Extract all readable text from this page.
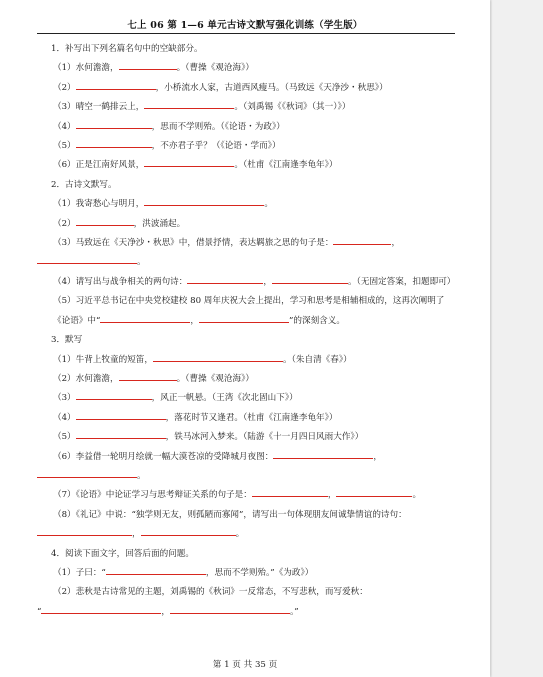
七上 06 第 1—6 单元古诗文默写强化训练（学生版）
1．补写出下列名篇名句中的空缺部分。
（1）水何澹澹，	。（曹操《观沧海》）
（2）	，小桥流水人家，古道西风瘦马。（马致远《天净沙・秋思》）
（3）晴空一鹤排云上，	。（刘禹锡《《秋词》（其一）》）
（4）	，思而不学则殆。（《论语・为政》）
（5）	，不亦君子乎？（《论语・学而》）
（6）正是江南好风景，	。（杜甫《江南逢李龟年》）
2．古诗文默写。
（1）我寄愁心与明月，	。
（2）	，洪波涌起。
（3）马致远在《天净沙・秋思》中，借景抒情，表达羁旅之思的句子是：	，
。
（4）请写出与战争相关的两句诗：	，	。（无固定答案，扣题即可）
（5）习近平总书记在中央党校建校 80 周年庆祝大会上提出，学习和思考是相辅相成的，这再次阐明了《论语》中“	，	”的深刻含义。
3．默写
（1）牛背上牧童的短笛，	。（朱自清《春》）
（2）水何澹澹，	。（曹操《观沧海》）
（3）	，风正一帆悬。（王湾《次北固山下》）
（4）	，落花时节又逢君。（杜甫《江南逢李龟年》）
（5）	，铁马冰河入梦来。（陆游《十一月四日风雨大作》）
（6）李益借一轮明月绘就一幅大漠苍凉的受降城月夜图：	，
。
（7）《论语》中论证学习与思考辩证关系的句子是：	，	。
（8）《礼记》中说：“独学则无友，则孤陋而寡闻”，请写出一句体现朋友间诚挚情谊的诗句：
，	。
4．阅读下面文字，回答后面的问题。
（1）子曰：“	，思而不学则殆。”《为政》）
（2）悲秋是古诗常见的主题，刘禹锡的《秋词》一反常态，不写悲秋，而写爱秋：
“	，	。”
第 1 页 共 35 页
